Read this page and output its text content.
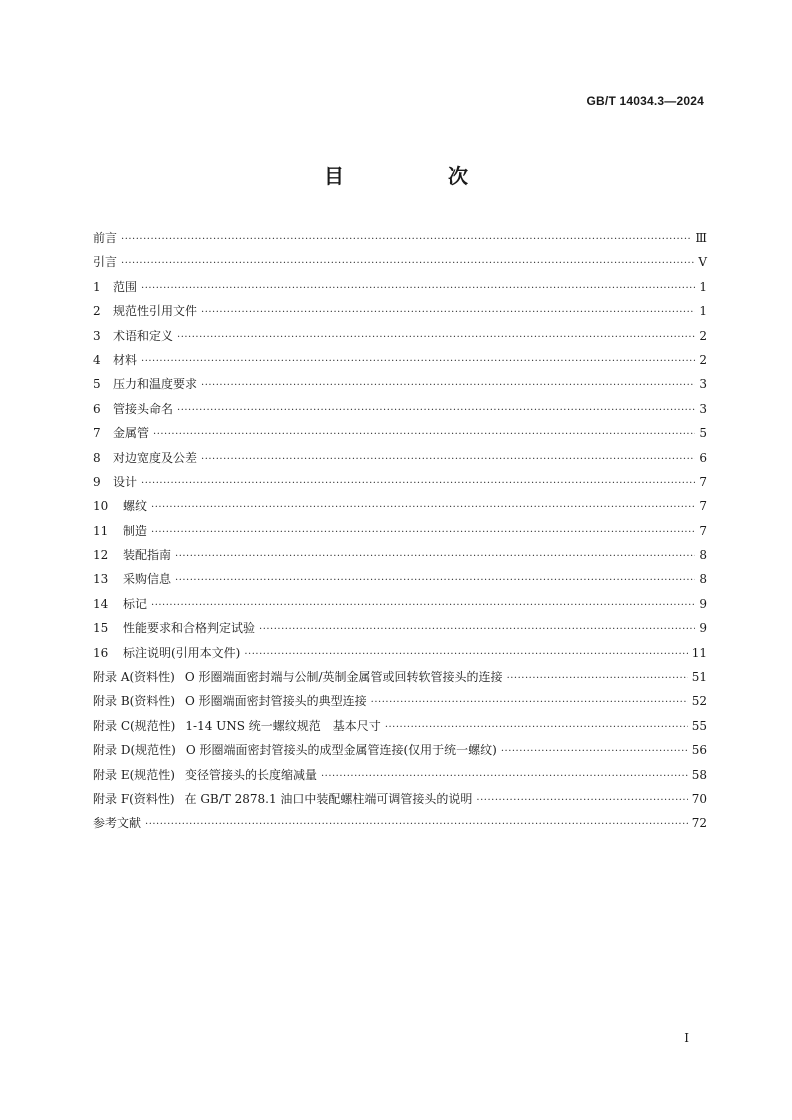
GB/T 14034.3—2024
目　次
前言 ·····	Ⅲ
引言 ·····	Ⅴ
1 范围 ·····	1
2 规范性引用文件 ·····	1
3 术语和定义 ·····	2
4 材料 ·····	2
5 压力和温度要求 ·····	3
6 管接头命名 ·····	3
7 金属管 ·····	5
8 对边宽度及公差 ·····	6
9 设计 ·····	7
10 螺纹 ·····	7
11 制造 ·····	7
12 装配指南 ·····	8
13 采购信息 ·····	8
14 标记 ·····	9
15 性能要求和合格判定试验 ·····	9
16 标注说明(引用本文件) ·····	11
附录 A(资料性) O 形圈端面密封端与公制/英制金属管或回转软管接头的连接 ·····	51
附录 B(资料性) O 形圈端面密封管接头的典型连接 ·····	52
附录 C(规范性) 1-14 UNS 统一螺纹规范　基本尺寸 ·····	55
附录 D(规范性) O 形圈端面密封管接头的成型金属管连接(仅用于统一螺纹) ·····	56
附录 E(规范性) 变径管接头的长度缩减量 ·····	58
附录 F(资料性) 在 GB/T 2878.1 油口中装配螺柱端可调管接头的说明 ·····	70
参考文献 ·····	72
I
